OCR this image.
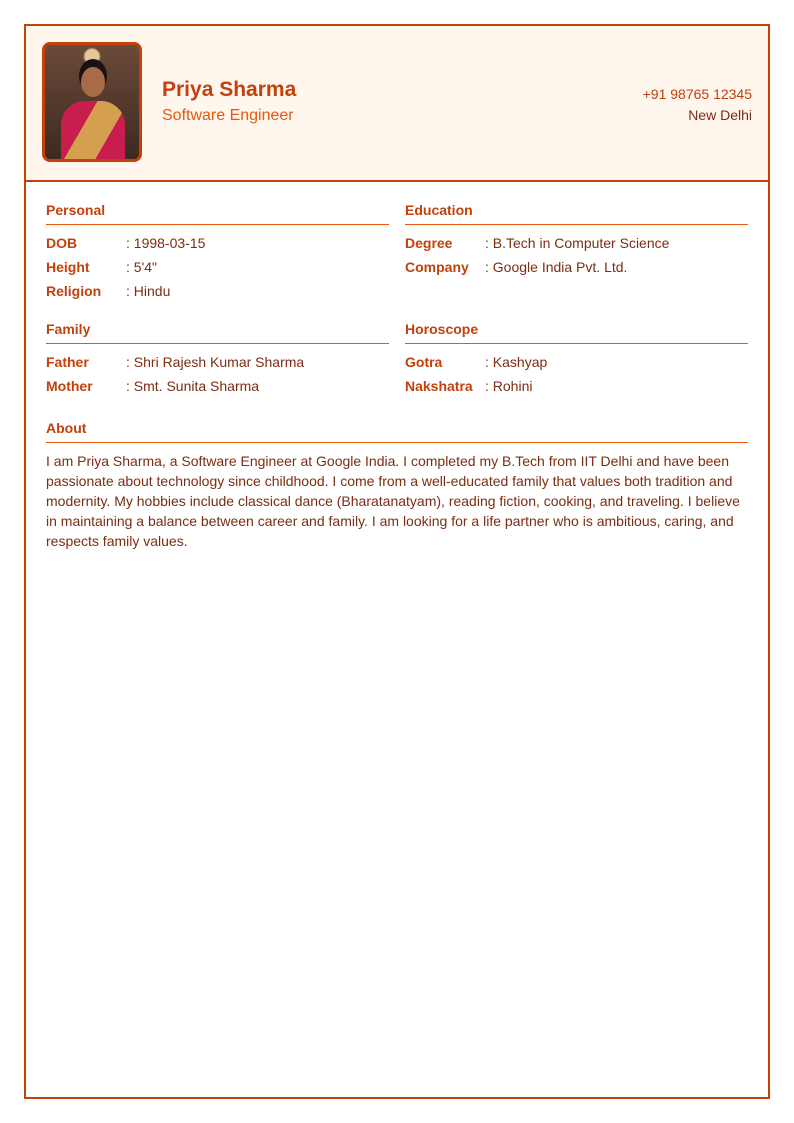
Priya Sharma
Software Engineer
+91 98765 12345
New Delhi
Personal
DOB	: 1998-03-15
Height	: 5'4"
Religion	: Hindu
Education
Degree	: B.Tech in Computer Science
Company	: Google India Pvt. Ltd.
Family
Father	: Shri Rajesh Kumar Sharma
Mother	: Smt. Sunita Sharma
Horoscope
Gotra	: Kashyap
Nakshatra : Rohini
About

I am Priya Sharma, a Software Engineer at Google India. I completed my B.Tech from IIT Delhi and have been passionate about technology since childhood. I come from a well-educated family that values both tradition and modernity. My hobbies include classical dance (Bharatanatyam), reading fiction, cooking, and traveling. I believe in maintaining a balance between career and family. I am looking for a life partner who is ambitious, caring, and respects family values.
